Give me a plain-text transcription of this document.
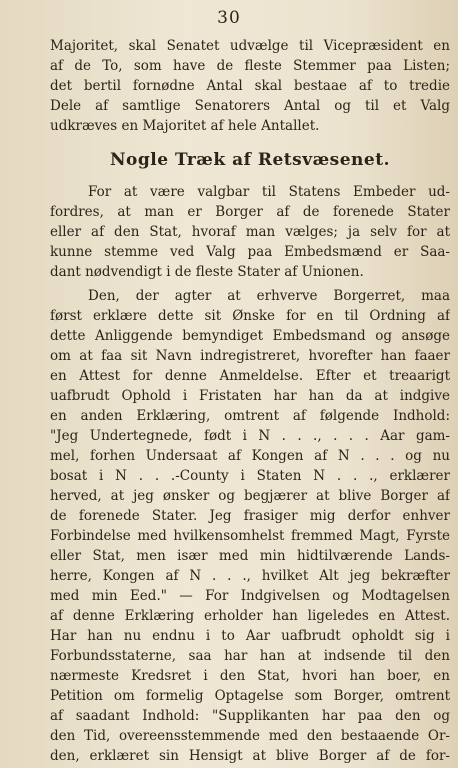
30
Majoritet, skal Senatet udvælge til Vicepræsident en
af de To, som have de fleste Stemmer paa Listen;
det bertil fornødne Antal skal bestaae af to tredie
Dele af samtlige Senatorers Antal og til et Valg
udkræves en Majoritet af hele Antallet.
Nogle Træk af Retsvæsenet.
For at være valgbar til Statens Embeder ud-
fordres, at man er Borger af de forenede Stater
eller af den Stat, hvoraf man vælges; ja selv for at
kunne stemme ved Valg paa Embedsmænd er Saa-
dant nødvendigt i de fleste Stater af Unionen.
Den, der agter at erhverve Borgerret, maa
først erklære dette sit Ønske for en til Ordning af
dette Anliggende bemyndiget Embedsmand og ansøge
om at faa sit Navn indregistreret, hvorefter han faaer
en Attest for denne Anmeldelse. Efter et treaarigt
uafbrudt Ophold i Fristaten har han da at indgive
en anden Erklæring, omtrent af følgende Indhold:
"Jeg Undertegnede, født i N . . ., . . . Aar gam-
mel, forhen Undersaat af Kongen af N . . . og nu
bosat i N . . .-County i Staten N . . ., erklærer
herved, at jeg ønsker og begjærer at blive Borger af
de forenede Stater. Jeg frasiger mig derfor enhver
Forbindelse med hvilkensomhelst fremmed Magt, Fyrste
eller Stat, men især med min hidtilværende Lands-
herre, Kongen af N . . ., hvilket Alt jeg bekræfter
med min Eed." — For Indgivelsen og Modtagelsen
af denne Erklæring erholder han ligeledes en Attest.
Har han nu endnu i to Aar uafbrudt opholdt sig i
Forbundsstaterne, saa har han at indsende til den
nærmeste Kredsret i den Stat, hvori han boer, en
Petition om formelig Optagelse som Borger, omtrent
af saadant Indhold: "Supplikanten har paa den og
den Tid, overeensstemmende med den bestaaende Or-
den, erklæret sin Hensigt at blive Borger af de for-
